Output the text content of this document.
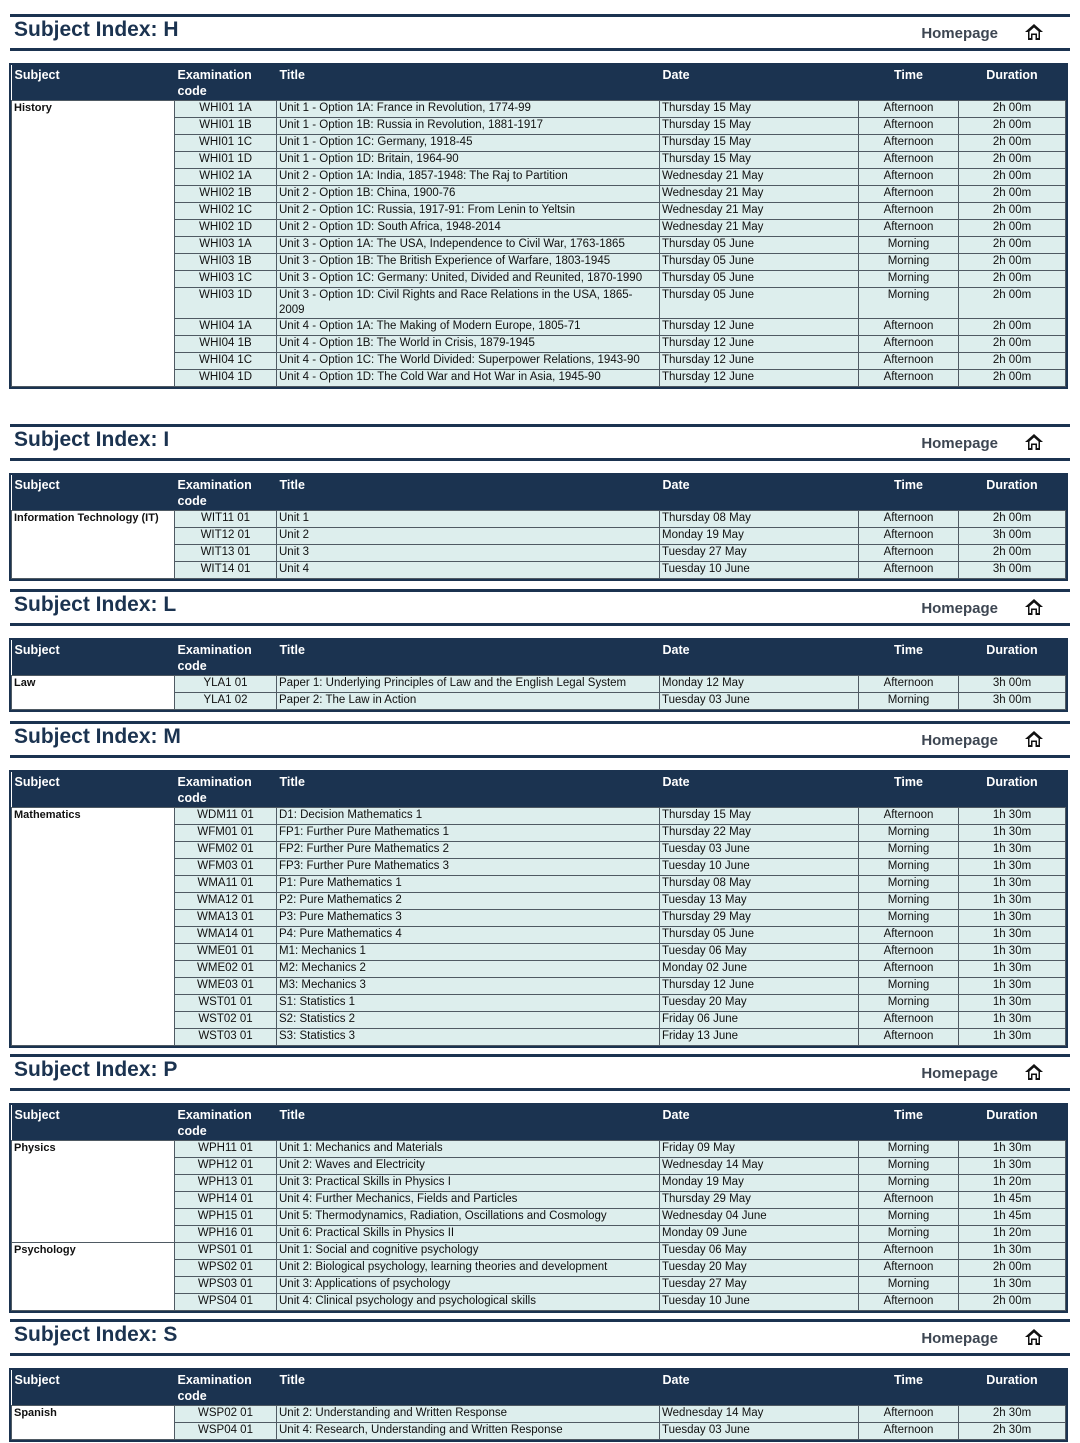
Subject Index: H	Homepage
Subject	Examination code	Title	Date	Time	Duration
History	WHI01 1A	Unit 1 - Option 1A: France in Revolution, 1774-99	Thursday 15 May	Afternoon	2h 00m
	WHI01 1B	Unit 1 - Option 1B: Russia in Revolution, 1881-1917	Thursday 15 May	Afternoon	2h 00m
	WHI01 1C	Unit 1 - Option 1C: Germany, 1918-45	Thursday 15 May	Afternoon	2h 00m
	WHI01 1D	Unit 1 - Option 1D: Britain, 1964-90	Thursday 15 May	Afternoon	2h 00m
	WHI02 1A	Unit 2 - Option 1A: India, 1857-1948: The Raj to Partition	Wednesday 21 May	Afternoon	2h 00m
	WHI02 1B	Unit 2 - Option 1B: China, 1900-76	Wednesday 21 May	Afternoon	2h 00m
	WHI02 1C	Unit 2 - Option 1C: Russia, 1917-91: From Lenin to Yeltsin	Wednesday 21 May	Afternoon	2h 00m
	WHI02 1D	Unit 2 - Option 1D: South Africa, 1948-2014	Wednesday 21 May	Afternoon	2h 00m
	WHI03 1A	Unit 3 - Option 1A: The USA, Independence to Civil War, 1763-1865	Thursday 05 June	Morning	2h 00m
	WHI03 1B	Unit 3 - Option 1B: The British Experience of Warfare, 1803-1945	Thursday 05 June	Morning	2h 00m
	WHI03 1C	Unit 3 - Option 1C: Germany: United, Divided and Reunited, 1870-1990	Thursday 05 June	Morning	2h 00m
	WHI03 1D	Unit 3 - Option 1D: Civil Rights and Race Relations in the USA, 1865-2009	Thursday 05 June	Morning	2h 00m
	WHI04 1A	Unit 4 - Option 1A: The Making of Modern Europe, 1805-71	Thursday 12 June	Afternoon	2h 00m
	WHI04 1B	Unit 4 - Option 1B: The World in Crisis, 1879-1945	Thursday 12 June	Afternoon	2h 00m
	WHI04 1C	Unit 4 - Option 1C: The World Divided: Superpower Relations, 1943-90	Thursday 12 June	Afternoon	2h 00m
	WHI04 1D	Unit 4 - Option 1D: The Cold War and Hot War in Asia, 1945-90	Thursday 12 June	Afternoon	2h 00m
Subject Index: I	Homepage
Subject	Examination code	Title	Date	Time	Duration
Information Technology (IT)	WIT11 01	Unit 1	Thursday 08 May	Afternoon	2h 00m
	WIT12 01	Unit 2	Monday 19 May	Afternoon	3h 00m
	WIT13 01	Unit 3	Tuesday 27 May	Afternoon	2h 00m
	WIT14 01	Unit 4	Tuesday 10 June	Afternoon	3h 00m
Subject Index: L	Homepage
Subject	Examination code	Title	Date	Time	Duration
Law	YLA1 01	Paper 1: Underlying Principles of Law and the English Legal System	Monday 12 May	Afternoon	3h 00m
	YLA1 02	Paper 2: The Law in Action	Tuesday 03 June	Morning	3h 00m
Subject Index: M	Homepage
Subject	Examination code	Title	Date	Time	Duration
Mathematics	WDM11 01	D1: Decision Mathematics 1	Thursday 15 May	Afternoon	1h 30m
	WFM01 01	FP1: Further Pure Mathematics 1	Thursday 22 May	Morning	1h 30m
	WFM02 01	FP2: Further Pure Mathematics 2	Tuesday 03 June	Morning	1h 30m
	WFM03 01	FP3: Further Pure Mathematics 3	Tuesday 10 June	Morning	1h 30m
	WMA11 01	P1: Pure Mathematics 1	Thursday 08 May	Morning	1h 30m
	WMA12 01	P2: Pure Mathematics 2	Tuesday 13 May	Morning	1h 30m
	WMA13 01	P3: Pure Mathematics 3	Thursday 29 May	Morning	1h 30m
	WMA14 01	P4: Pure Mathematics 4	Thursday 05 June	Afternoon	1h 30m
	WME01 01	M1: Mechanics 1	Tuesday 06 May	Afternoon	1h 30m
	WME02 01	M2: Mechanics 2	Monday 02 June	Afternoon	1h 30m
	WME03 01	M3: Mechanics 3	Thursday 12 June	Morning	1h 30m
	WST01 01	S1: Statistics 1	Tuesday 20 May	Morning	1h 30m
	WST02 01	S2: Statistics 2	Friday 06 June	Afternoon	1h 30m
	WST03 01	S3: Statistics 3	Friday 13 June	Afternoon	1h 30m
Subject Index: P	Homepage
Subject	Examination code	Title	Date	Time	Duration
Physics	WPH11 01	Unit 1: Mechanics and Materials	Friday 09 May	Morning	1h 30m
	WPH12 01	Unit 2: Waves and Electricity	Wednesday 14 May	Morning	1h 30m
	WPH13 01	Unit 3: Practical Skills in Physics I	Monday 19 May	Morning	1h 20m
	WPH14 01	Unit 4: Further Mechanics, Fields and Particles	Thursday 29 May	Afternoon	1h 45m
	WPH15 01	Unit 5: Thermodynamics, Radiation, Oscillations and Cosmology	Wednesday 04 June	Morning	1h 45m
	WPH16 01	Unit 6: Practical Skills in Physics II	Monday 09 June	Morning	1h 20m
Psychology	WPS01 01	Unit 1: Social and cognitive psychology	Tuesday 06 May	Afternoon	1h 30m
	WPS02 01	Unit 2: Biological psychology, learning theories and development	Tuesday 20 May	Afternoon	2h 00m
	WPS03 01	Unit 3: Applications of psychology	Tuesday 27 May	Morning	1h 30m
	WPS04 01	Unit 4: Clinical psychology and psychological skills	Tuesday 10 June	Afternoon	2h 00m
Subject Index: S	Homepage
Subject	Examination code	Title	Date	Time	Duration
Spanish	WSP02 01	Unit 2: Understanding and Written Response	Wednesday 14 May	Afternoon	2h 30m
	WSP04 01	Unit 4: Research, Understanding and Written Response	Tuesday 03 June	Afternoon	2h 30m
